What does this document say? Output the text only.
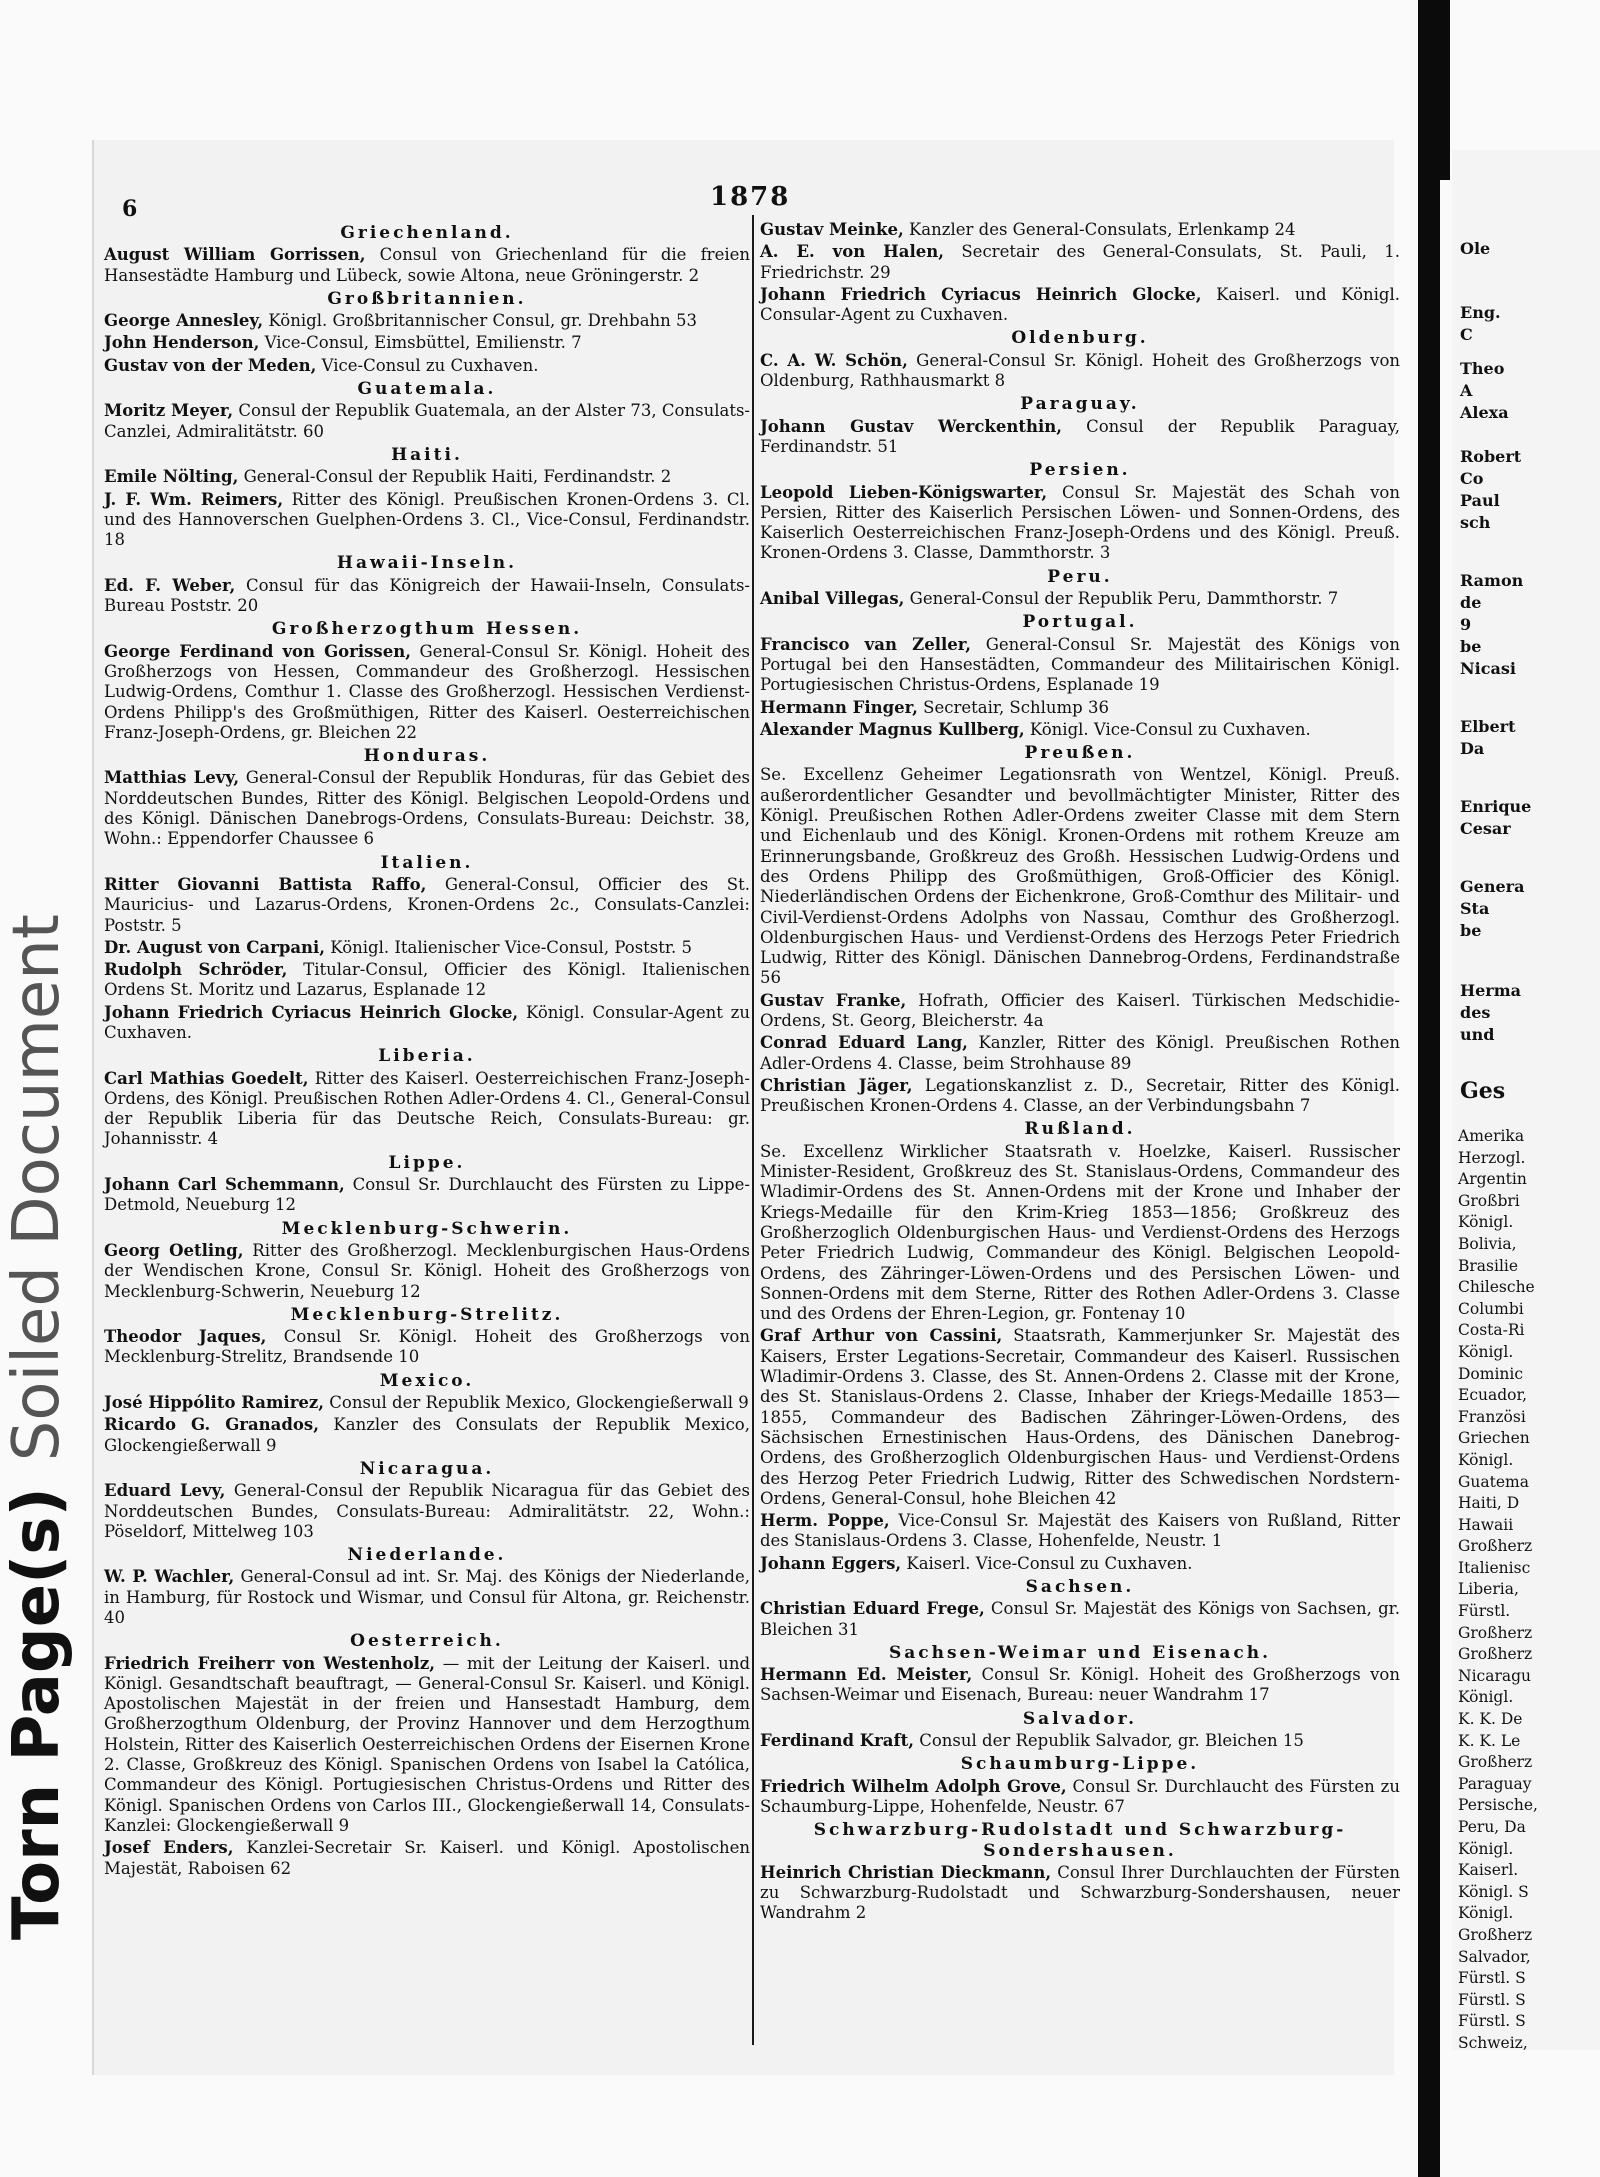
Torn Page(s)Soiled Document
6	1878
Griechenland.
August William Gorrissen, Consul von Griechenland für die freien Hansestädte Hamburg und Lübeck, sowie Altona, neue Gröningerstr. 2
Großbritannien.
George Annesley, Königl. Großbritannischer Consul, gr. Drehbahn 53
John Henderson, Vice-Consul, Eimsbüttel, Emilienstr. 7
Gustav von der Meden, Vice-Consul zu Cuxhaven.
Guatemala.
Moritz Meyer, Consul der Republik Guatemala, an der Alster 73, Consulats-Canzlei, Admiralitätstr. 60
Haiti.
Emile Nölting, General-Consul der Republik Haiti, Ferdinandstr. 2
J. F. Wm. Reimers, Ritter des Königl. Preußischen Kronen-Ordens 3. Cl. und des Hannoverschen Guelphen-Ordens 3. Cl., Vice-Consul, Ferdinandstr. 18
Hawaii-Inseln.
Ed. F. Weber, Consul für das Königreich der Hawaii-Inseln, Consulats-Bureau Poststr. 20
Großherzogthum Hessen.
George Ferdinand von Gorissen, General-Consul Sr. Königl. Hoheit des Großherzogs von Hessen, Commandeur des Großherzogl. Hessischen Ludwig-Ordens, Comthur 1. Classe des Großherzogl. Hessischen Verdienst-Ordens Philipp's des Großmüthigen, Ritter des Kaiserl. Oesterreichischen Franz-Joseph-Ordens, gr. Bleichen 22
Honduras.
Matthias Levy, General-Consul der Republik Honduras, für das Gebiet des Norddeutschen Bundes, Ritter des Königl. Belgischen Leopold-Ordens und des Königl. Dänischen Danebrogs-Ordens, Consulats-Bureau: Deichstr. 38, Wohn.: Eppendorfer Chaussee 6
Italien.
Ritter Giovanni Battista Raffo, General-Consul, Officier des St. Mauricius- und Lazarus-Ordens, Kronen-Ordens 2c., Consulats-Canzlei: Poststr. 5
Dr. August von Carpani, Königl. Italienischer Vice-Consul, Poststr. 5
Rudolph Schröder, Titular-Consul, Officier des Königl. Italienischen Ordens St. Moritz und Lazarus, Esplanade 12
Johann Friedrich Cyriacus Heinrich Glocke, Königl. Consular-Agent zu Cuxhaven.
Liberia.
Carl Mathias Goedelt, Ritter des Kaiserl. Oesterreichischen Franz-Joseph-Ordens, des Königl. Preußischen Rothen Adler-Ordens 4. Cl., General-Consul der Republik Liberia für das Deutsche Reich, Consulats-Bureau: gr. Johannisstr. 4
Lippe.
Johann Carl Schemmann, Consul Sr. Durchlaucht des Fürsten zu Lippe-Detmold, Neueburg 12
Mecklenburg-Schwerin.
Georg Oetling, Ritter des Großherzogl. Mecklenburgischen Haus-Ordens der Wendischen Krone, Consul Sr. Königl. Hoheit des Großherzogs von Mecklenburg-Schwerin, Neueburg 12
Mecklenburg-Strelitz.
Theodor Jaques, Consul Sr. Königl. Hoheit des Großherzogs von Mecklenburg-Strelitz, Brandsende 10
Mexico.
José Hippólito Ramirez, Consul der Republik Mexico, Glockengießerwall 9
Ricardo G. Granados, Kanzler des Consulats der Republik Mexico, Glockengießerwall 9
Nicaragua.
Eduard Levy, General-Consul der Republik Nicaragua für das Gebiet des Norddeutschen Bundes, Consulats-Bureau: Admiralitätstr. 22, Wohn.: Pöseldorf, Mittelweg 103
Niederlande.
W. P. Wachler, General-Consul ad int. Sr. Maj. des Königs der Niederlande, in Hamburg, für Rostock und Wismar, und Consul für Altona, gr. Reichenstr. 40
Oesterreich.
Friedrich Freiherr von Westenholz, — mit der Leitung der Kaiserl. und Königl. Gesandtschaft beauftragt, — General-Consul Sr. Kaiserl. und Königl. Apostolischen Majestät in der freien und Hansestadt Hamburg, dem Großherzogthum Oldenburg, der Provinz Hannover und dem Herzogthum Holstein, Ritter des Kaiserlich Oesterreichischen Ordens der Eisernen Krone 2. Classe, Großkreuz des Königl. Spanischen Ordens von Isabel la Católica, Commandeur des Königl. Portugiesischen Christus-Ordens und Ritter des Königl. Spanischen Ordens von Carlos III., Glockengießerwall 14, Consulats-Kanzlei: Glockengießerwall 9
Josef Enders, Kanzlei-Secretair Sr. Kaiserl. und Königl. Apostolischen Majestät, Raboisen 62
Gustav Meinke, Kanzler des General-Consulats, Erlenkamp 24
A. E. von Halen, Secretair des General-Consulats, St. Pauli, 1. Friedrichstr. 29
Johann Friedrich Cyriacus Heinrich Glocke, Kaiserl. und Königl. Consular-Agent zu Cuxhaven.
Oldenburg.
C. A. W. Schön, General-Consul Sr. Königl. Hoheit des Großherzogs von Oldenburg, Rathhausmarkt 8
Paraguay.
Johann Gustav Werckenthin, Consul der Republik Paraguay, Ferdinandstr. 51
Persien.
Leopold Lieben-Königswarter, Consul Sr. Majestät des Schah von Persien, Ritter des Kaiserlich Persischen Löwen- und Sonnen-Ordens, des Kaiserlich Oesterreichischen Franz-Joseph-Ordens und des Königl. Preuß. Kronen-Ordens 3. Classe, Dammthorstr. 3
Peru.
Anibal Villegas, General-Consul der Republik Peru, Dammthorstr. 7
Portugal.
Francisco van Zeller, General-Consul Sr. Majestät des Königs von Portugal bei den Hansestädten, Commandeur des Militairischen Königl. Portugiesischen Christus-Ordens, Esplanade 19
Hermann Finger, Secretair, Schlump 36
Alexander Magnus Kullberg, Königl. Vice-Consul zu Cuxhaven.
Preußen.
Se. Excellenz Geheimer Legationsrath von Wentzel, Königl. Preuß. außerordentlicher Gesandter und bevollmächtigter Minister, Ritter des Königl. Preußischen Rothen Adler-Ordens zweiter Classe mit dem Stern und Eichenlaub und des Königl. Kronen-Ordens mit rothem Kreuze am Erinnerungsbande, Großkreuz des Großh. Hessischen Ludwig-Ordens und des Ordens Philipp des Großmüthigen, Groß-Officier des Königl. Niederländischen Ordens der Eichenkrone, Groß-Comthur des Militair- und Civil-Verdienst-Ordens Adolphs von Nassau, Comthur des Großherzogl. Oldenburgischen Haus- und Verdienst-Ordens des Herzogs Peter Friedrich Ludwig, Ritter des Königl. Dänischen Dannebrog-Ordens, Ferdinandstraße 56
Gustav Franke, Hofrath, Officier des Kaiserl. Türkischen Medschidie-Ordens, St. Georg, Bleicherstr. 4a
Conrad Eduard Lang, Kanzler, Ritter des Königl. Preußischen Rothen Adler-Ordens 4. Classe, beim Strohhause 89
Christian Jäger, Legationskanzlist z. D., Secretair, Ritter des Königl. Preußischen Kronen-Ordens 4. Classe, an der Verbindungsbahn 7
Rußland.
Se. Excellenz Wirklicher Staatsrath v. Hoelzke, Kaiserl. Russischer Minister-Resident, Großkreuz des St. Stanislaus-Ordens, Commandeur des Wladimir-Ordens des St. Annen-Ordens mit der Krone und Inhaber der Kriegs-Medaille für den Krim-Krieg 1853—1856; Großkreuz des Großherzoglich Oldenburgischen Haus- und Verdienst-Ordens des Herzogs Peter Friedrich Ludwig, Commandeur des Königl. Belgischen Leopold-Ordens, des Zähringer-Löwen-Ordens und des Persischen Löwen- und Sonnen-Ordens mit dem Sterne, Ritter des Rothen Adler-Ordens 3. Classe und des Ordens der Ehren-Legion, gr. Fontenay 10
Graf Arthur von Cassini, Staatsrath, Kammerjunker Sr. Majestät des Kaisers, Erster Legations-Secretair, Commandeur des Kaiserl. Russischen Wladimir-Ordens 3. Classe, des St. Annen-Ordens 2. Classe mit der Krone, des St. Stanislaus-Ordens 2. Classe, Inhaber der Kriegs-Medaille 1853—1855, Commandeur des Badischen Zähringer-Löwen-Ordens, des Sächsischen Ernestinischen Haus-Ordens, des Dänischen Danebrog-Ordens, des Großherzoglich Oldenburgischen Haus- und Verdienst-Ordens des Herzog Peter Friedrich Ludwig, Ritter des Schwedischen Nordstern-Ordens, General-Consul, hohe Bleichen 42
Herm. Poppe, Vice-Consul Sr. Majestät des Kaisers von Rußland, Ritter des Stanislaus-Ordens 3. Classe, Hohenfelde, Neustr. 1
Johann Eggers, Kaiserl. Vice-Consul zu Cuxhaven.
Sachsen.
Christian Eduard Frege, Consul Sr. Majestät des Königs von Sachsen, gr. Bleichen 31
Sachsen-Weimar und Eisenach.
Hermann Ed. Meister, Consul Sr. Königl. Hoheit des Großherzogs von Sachsen-Weimar und Eisenach, Bureau: neuer Wandrahm 17
Salvador.
Ferdinand Kraft, Consul der Republik Salvador, gr. Bleichen 15
Schaumburg-Lippe.
Friedrich Wilhelm Adolph Grove, Consul Sr. Durchlaucht des Fürsten zu Schaumburg-Lippe, Hohenfelde, Neustr. 67
Schwarzburg-Rudolstadt und Schwarzburg-Sondershausen.
Heinrich Christian Dieckmann, Consul Ihrer Durchlauchten der Fürsten zu Schwarzburg-Rudolstadt und Schwarzburg-Sondershausen, neuer Wandrahm 2
Ges
Amerika
Herzogl.
Argentin
Großbri
Königl.
Bolivia,
Brasilie
Chilesche
Columbi
Costa-Ri
Königl.
Dominic
Ecuador,
Französi
Griechen
Königl.
Guatema
Haiti, D
Hawaii
Großherz
Italienisc
Liberia,
Fürstl.
Großherz
Großherz
Nicaragu
Königl.
K. K. De
K. K. Le
Großherz
Paraguay
Persische,
Peru, Da
Königl.
Kaiserl.
Königl. S
Königl.
Großherz
Salvador,
Fürstl. S
Fürstl. S
Fürstl. S
Schweiz,
Ole
Eng.
C
Theo
A
Alexa
Robert
Co
Paul
sch
Ramon
de
9
be
Nicasi
Elbert
Da
Enrique
Cesar
Genera
Sta
be
Herma
des
und
